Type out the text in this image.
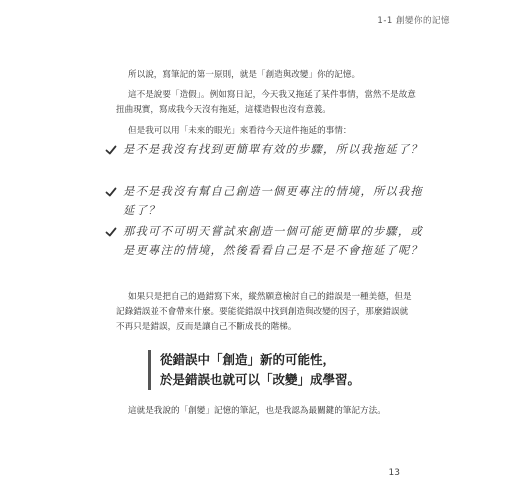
1-1 創變你的記憶
所以說，寫筆記的第一原則，就是「創造與改變」你的記憶。
這不是說要「造假」。例如寫日記，今天我又拖延了某件事情，當然不是故意扭曲現實，寫成我今天沒有拖延，這樣造假也沒有意義。
但是我可以用「未來的眼光」來看待今天這件拖延的事情：
是不是我沒有找到更簡單有效的步驟，所以我拖延了？
是不是我沒有幫自己創造一個更專注的情境，所以我拖延了？
那我可不可明天嘗試來創造一個可能更簡單的步驟，或是更專注的情境，然後看看自己是不是不會拖延了呢？
如果只是把自己的過錯寫下來，縱然願意檢討自己的錯誤是一種美德，但是記錄錯誤並不會帶來什麼。要能從錯誤中找到創造與改變的因子，那麼錯誤就不再只是錯誤，反而是讓自己不斷成長的階梯。
從錯誤中「創造」新的可能性，
於是錯誤也就可以「改變」成學習。
這就是我說的「創變」記憶的筆記，也是我認為最關鍵的筆記方法。
13
